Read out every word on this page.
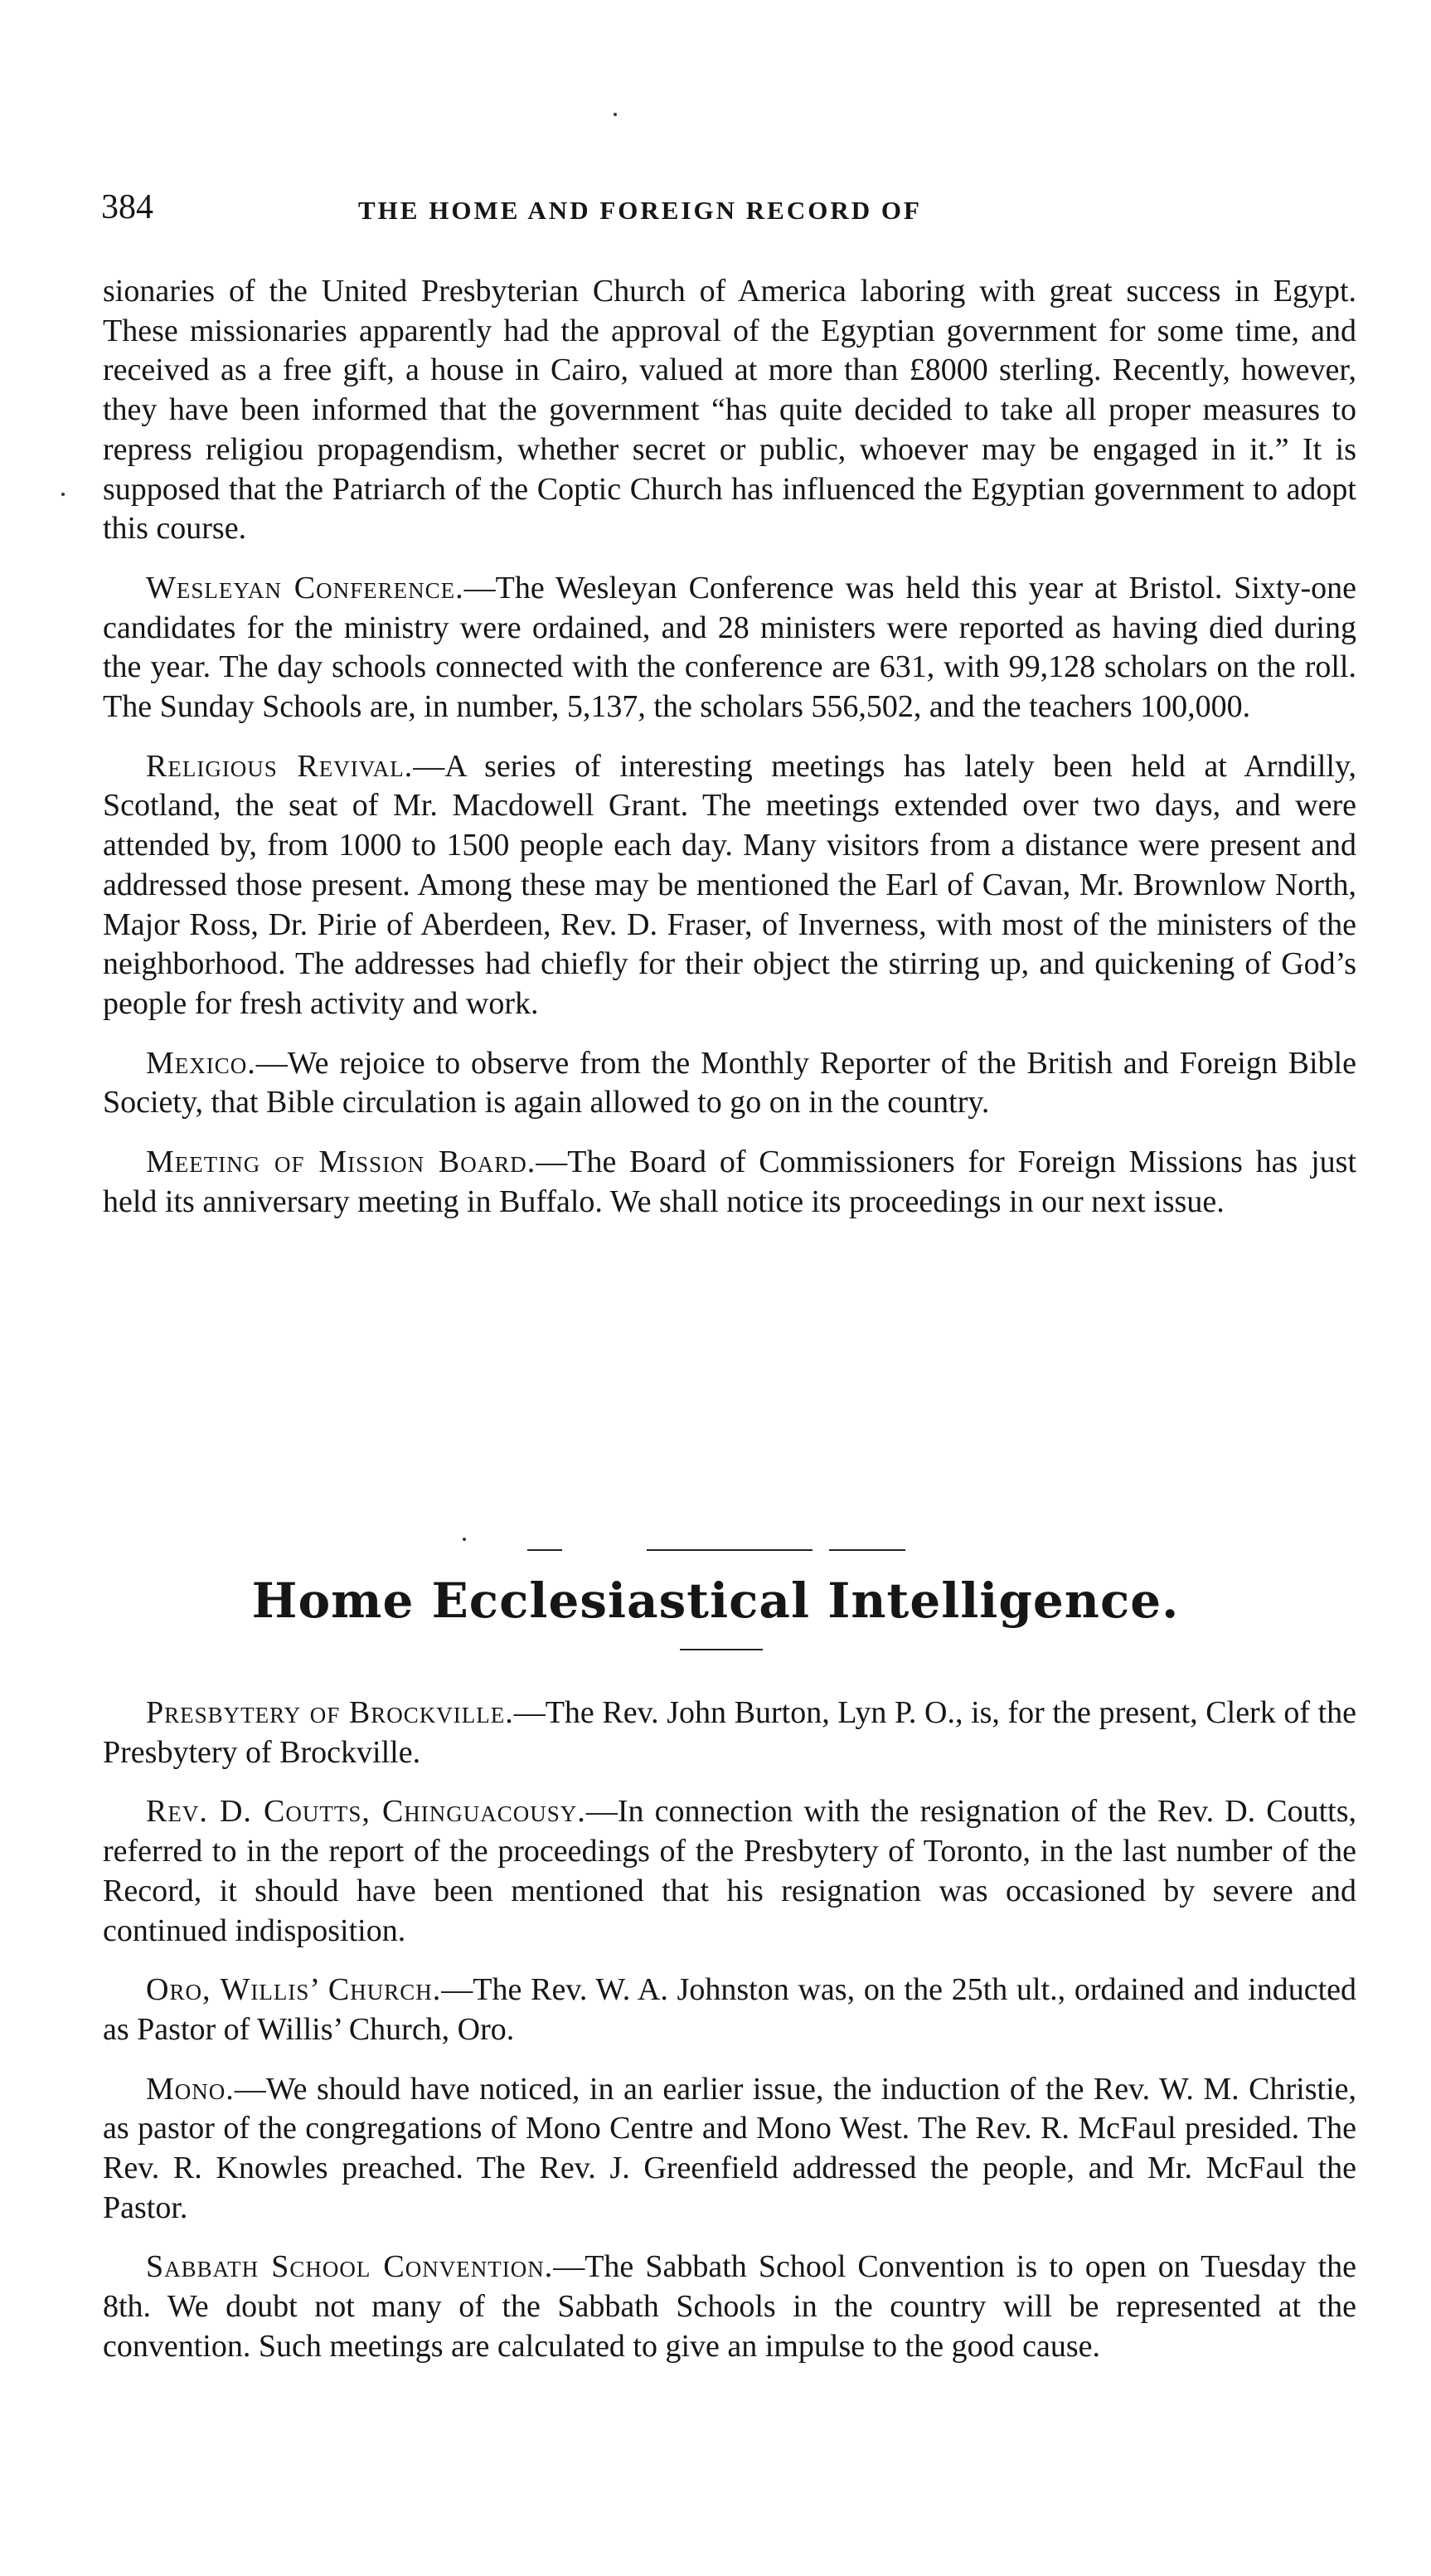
384	THE HOME AND FOREIGN RECORD OF

sionaries of the United Presbyterian Church of America laboring with great success in Egypt. These missionaries apparently had the approval of the Egyptian government for some time, and received as a free gift, a house in Cairo, valued at more than £8000 sterling. Recently, however, they have been informed that the government “has quite decided to take all proper measures to repress religiou propagendism, whether secret or public, whoever may be engaged in it.” It is supposed that the Patriarch of the Coptic Church has influenced the Egyptian government to adopt this course.

Wesleyan Conference.—The Wesleyan Conference was held this year at Bristol. Sixty-one candidates for the ministry were ordained, and 28 ministers were reported as having died during the year. The day schools connected with the conference are 631, with 99,128 scholars on the roll. The Sunday Schools are, in number, 5,137, the scholars 556,502, and the teachers 100,000.

Religious Revival.—A series of interesting meetings has lately been held at Arndilly, Scotland, the seat of Mr. Macdowell Grant. The meetings extended over two days, and were attended by, from 1000 to 1500 people each day. Many visitors from a distance were present and addressed those present. Among these may be mentioned the Earl of Cavan, Mr. Brownlow North, Major Ross, Dr. Pirie of Aberdeen, Rev. D. Fraser, of Inverness, with most of the ministers of the neighborhood. The addresses had chiefly for their object the stirring up, and quickening of God’s people for fresh activity and work.

Mexico.—We rejoice to observe from the Monthly Reporter of the British and Foreign Bible Society, that Bible circulation is again allowed to go on in the country.

Meeting of Mission Board.—The Board of Commissioners for Foreign Missions has just held its anniversary meeting in Buffalo. We shall notice its proceedings in our next issue.

Home Ecclesiastical Intelligence.

Presbytery of Brockville.—The Rev. John Burton, Lyn P. O., is, for the present, Clerk of the Presbytery of Brockville.

Rev. D. Coutts, Chinguacousy.—In connection with the resignation of the Rev. D. Coutts, referred to in the report of the proceedings of the Presbytery of Toronto, in the last number of the Record, it should have been mentioned that his resignation was occasioned by severe and continued indisposition.

Oro, Willis’ Church.—The Rev. W. A. Johnston was, on the 25th ult., ordained and inducted as Pastor of Willis’ Church, Oro.

Mono.—We should have noticed, in an earlier issue, the induction of the Rev. W. M. Christie, as pastor of the congregations of Mono Centre and Mono West. The Rev. R. McFaul presided. The Rev. R. Knowles preached. The Rev. J. Greenfield addressed the people, and Mr. McFaul the Pastor.

Sabbath School Convention.—The Sabbath School Convention is to open on Tuesday the 8th. We doubt not many of the Sabbath Schools in the country will be represented at the convention. Such meetings are calculated to give an impulse to the good cause.
